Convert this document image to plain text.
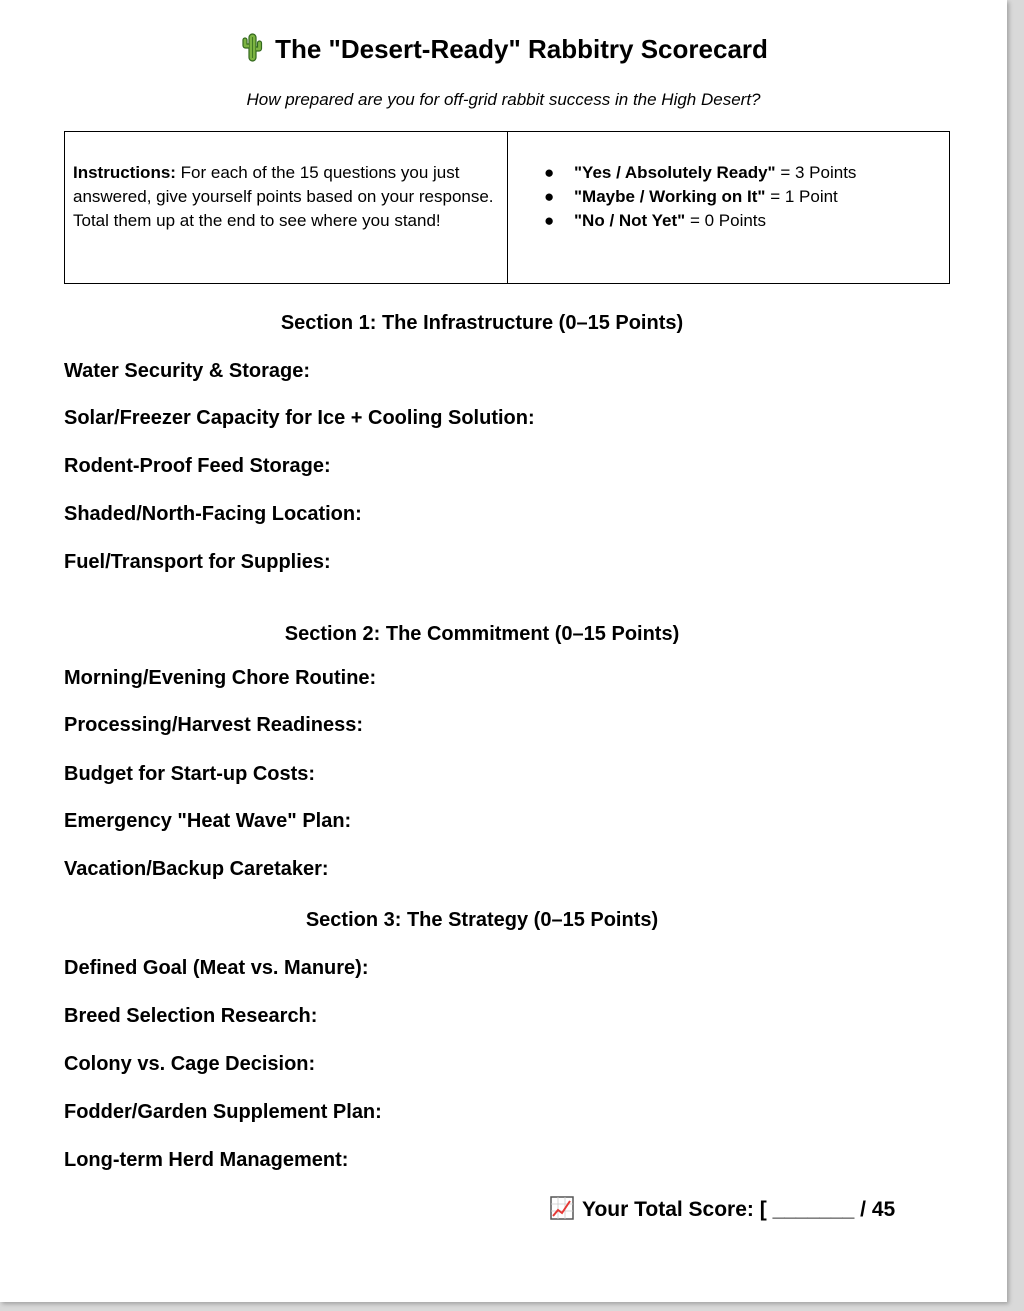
The "Desert-Ready" Rabbitry Scorecard
How prepared are you for off-grid rabbit success in the High Desert?
Instructions: For each of the 15 questions you just answered, give yourself points based on your response. Total them up at the end to see where you stand!
● "Yes / Absolutely Ready" = 3 Points
● "Maybe / Working on It" = 1 Point
● "No / Not Yet" = 0 Points
Section 1: The Infrastructure (0–15 Points)
Water Security & Storage:
Solar/Freezer Capacity for Ice + Cooling Solution:
Rodent-Proof Feed Storage:
Shaded/North-Facing Location:
Fuel/Transport for Supplies:
Section 2: The Commitment (0–15 Points)
Morning/Evening Chore Routine:
Processing/Harvest Readiness:
Budget for Start-up Costs:
Emergency "Heat Wave" Plan:
Vacation/Backup Caretaker:
Section 3: The Strategy (0–15 Points)
Defined Goal (Meat vs. Manure):
Breed Selection Research:
Colony vs. Cage Decision:
Fodder/Garden Supplement Plan:
Long-term Herd Management:
Your Total Score: [ _______ / 45
